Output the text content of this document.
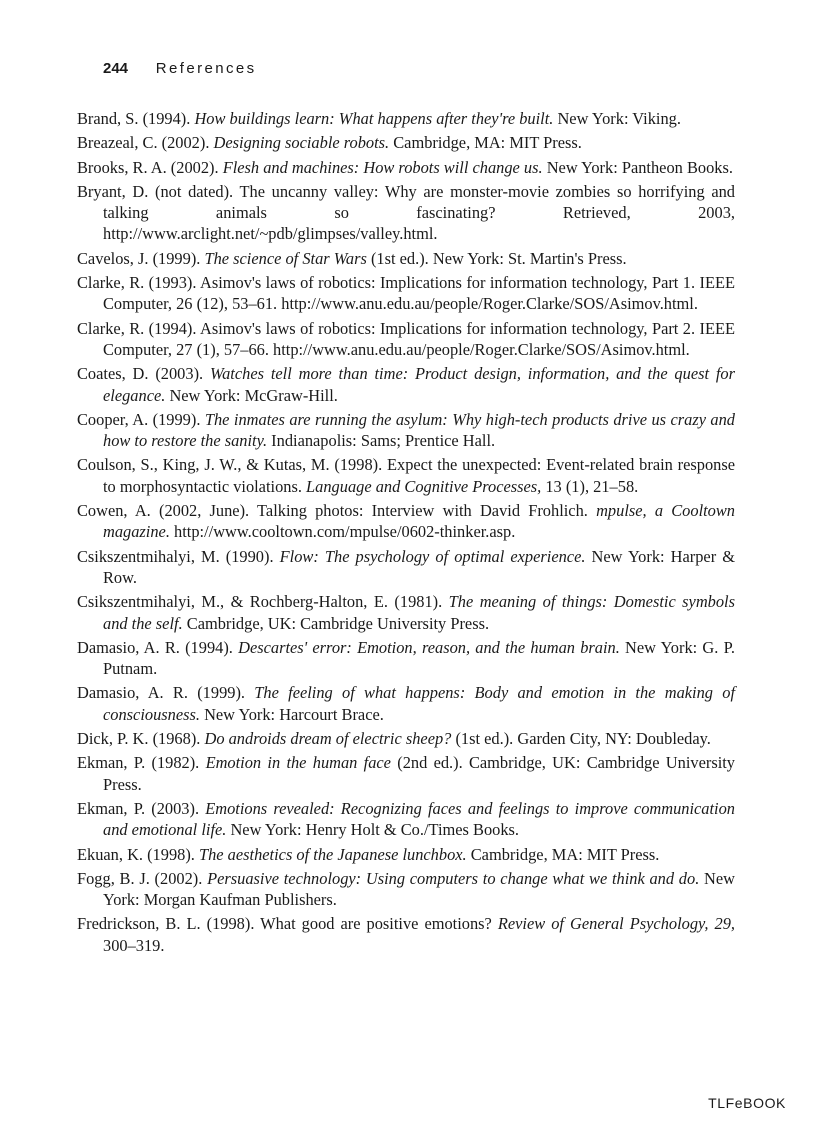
244 References

Brand, S. (1994). How buildings learn: What happens after they're built. New York: Viking.

Breazeal, C. (2002). Designing sociable robots. Cambridge, MA: MIT Press.

Brooks, R. A. (2002). Flesh and machines: How robots will change us. New York: Pantheon Books.

Bryant, D. (not dated). The uncanny valley: Why are monster-movie zombies so horrifying and talking animals so fascinating? Retrieved, 2003, http://www.arclight.net/~pdb/glimpses/valley.html.

Cavelos, J. (1999). The science of Star Wars (1st ed.). New York: St. Martin's Press.

Clarke, R. (1993). Asimov's laws of robotics: Implications for information technology, Part 1. IEEE Computer, 26 (12), 53–61. http://www.anu.edu.au/people/Roger.Clarke/SOS/Asimov.html.

Clarke, R. (1994). Asimov's laws of robotics: Implications for information technology, Part 2. IEEE Computer, 27 (1), 57–66. http://www.anu.edu.au/people/Roger.Clarke/SOS/Asimov.html.

Coates, D. (2003). Watches tell more than time: Product design, information, and the quest for elegance. New York: McGraw-Hill.

Cooper, A. (1999). The inmates are running the asylum: Why high-tech products drive us crazy and how to restore the sanity. Indianapolis: Sams; Prentice Hall.

Coulson, S., King, J. W., & Kutas, M. (1998). Expect the unexpected: Event-related brain response to morphosyntactic violations. Language and Cognitive Processes, 13 (1), 21–58.

Cowen, A. (2002, June). Talking photos: Interview with David Frohlich. mpulse, a Cooltown magazine. http://www.cooltown.com/mpulse/0602-thinker.asp.

Csikszentmihalyi, M. (1990). Flow: The psychology of optimal experience. New York: Harper & Row.

Csikszentmihalyi, M., & Rochberg-Halton, E. (1981). The meaning of things: Domestic symbols and the self. Cambridge, UK: Cambridge University Press.

Damasio, A. R. (1994). Descartes' error: Emotion, reason, and the human brain. New York: G. P. Putnam.

Damasio, A. R. (1999). The feeling of what happens: Body and emotion in the making of consciousness. New York: Harcourt Brace.

Dick, P. K. (1968). Do androids dream of electric sheep? (1st ed.). Garden City, NY: Doubleday.

Ekman, P. (1982). Emotion in the human face (2nd ed.). Cambridge, UK: Cambridge University Press.

Ekman, P. (2003). Emotions revealed: Recognizing faces and feelings to improve communication and emotional life. New York: Henry Holt & Co./Times Books.

Ekuan, K. (1998). The aesthetics of the Japanese lunchbox. Cambridge, MA: MIT Press.

Fogg, B. J. (2002). Persuasive technology: Using computers to change what we think and do. New York: Morgan Kaufman Publishers.

Fredrickson, B. L. (1998). What good are positive emotions? Review of General Psychology, 29, 300–319.

TLFeBOOK
